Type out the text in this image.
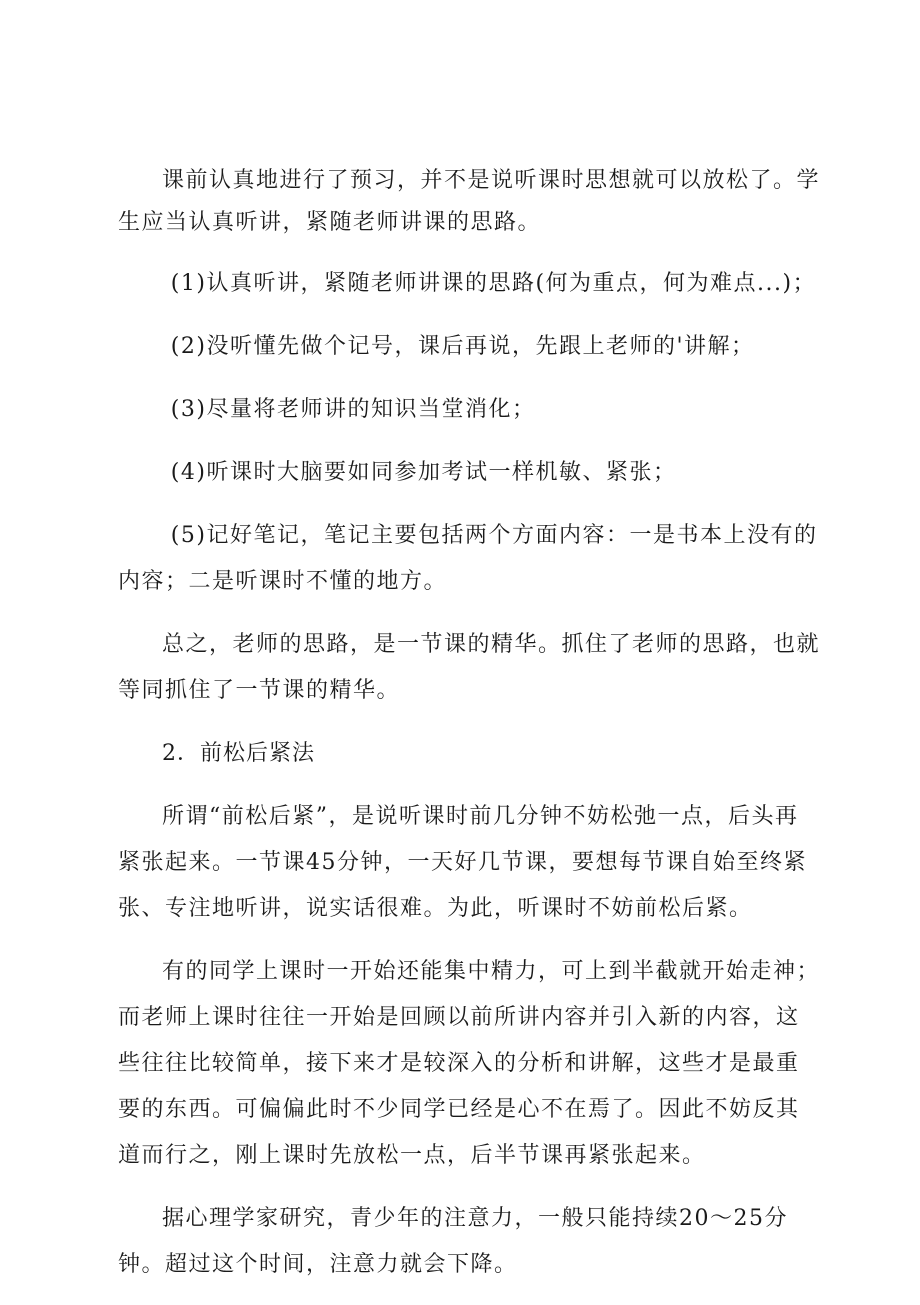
课前认真地进行了预习，并不是说听课时思想就可以放松了。学生应当认真听讲，紧随老师讲课的思路。

(1)认真听讲，紧随老师讲课的思路(何为重点，何为难点...)；

(2)没听懂先做个记号，课后再说，先跟上老师的'讲解；

(3)尽量将老师讲的知识当堂消化；

(4)听课时大脑要如同参加考试一样机敏、紧张；

(5)记好笔记，笔记主要包括两个方面内容：一是书本上没有的内容；二是听课时不懂的地方。

总之，老师的思路，是一节课的精华。抓住了老师的思路，也就等同抓住了一节课的精华。

2．前松后紧法

所谓“前松后紧”，是说听课时前几分钟不妨松弛一点，后头再紧张起来。一节课45分钟，一天好几节课，要想每节课自始至终紧张、专注地听讲，说实话很难。为此，听课时不妨前松后紧。

有的同学上课时一开始还能集中精力，可上到半截就开始走神；而老师上课时往往一开始是回顾以前所讲内容并引入新的内容，这些往往比较简单，接下来才是较深入的分析和讲解，这些才是最重要的东西。可偏偏此时不少同学已经是心不在焉了。因此不妨反其道而行之，刚上课时先放松一点，后半节课再紧张起来。

据心理学家研究，青少年的注意力，一般只能持续20～25分钟。超过这个时间，注意力就会下降。
